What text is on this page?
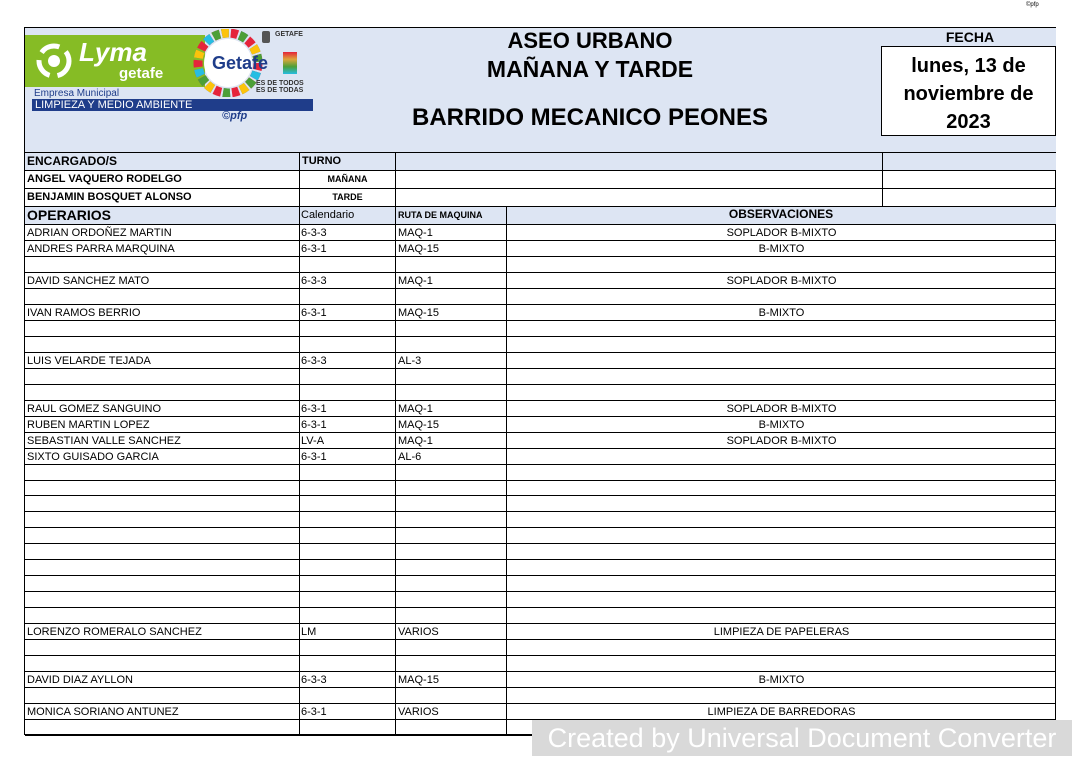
©pfp
Lyma
getafe
Empresa Municipal
LIMPIEZA Y MEDIO AMBIENTE
©pfp
Getafe
GETAFE
ES DE TODOS
ES DE TODAS
ASEO URBANO
MAÑANA Y TARDE
BARRIDO MECANICO PEONES
FECHA
lunes, 13 de
noviembre de
2023
ENCARGADO/S	TURNO
ANGEL VAQUERO RODELGO	MAÑANA
BENJAMIN BOSQUET ALONSO	TARDE
OPERARIOS	Calendario	RUTA DE MAQUINA	OBSERVACIONES
ADRIAN ORDOÑEZ MARTIN	6-3-3	MAQ-1	SOPLADOR B-MIXTO
ANDRES PARRA MARQUINA	6-3-1	MAQ-15	B-MIXTO
DAVID SANCHEZ MATO	6-3-3	MAQ-1	SOPLADOR B-MIXTO
IVAN RAMOS BERRIO	6-3-1	MAQ-15	B-MIXTO
LUIS VELARDE TEJADA	6-3-3	AL-3
RAUL GOMEZ SANGUINO	6-3-1	MAQ-1	SOPLADOR B-MIXTO
RUBEN MARTIN LOPEZ	6-3-1	MAQ-15	B-MIXTO
SEBASTIAN VALLE SANCHEZ	LV-A	MAQ-1	SOPLADOR B-MIXTO
SIXTO GUISADO GARCIA	6-3-1	AL-6
LORENZO ROMERALO SANCHEZ	LM	VARIOS	LIMPIEZA DE PAPELERAS
DAVID DIAZ AYLLON	6-3-3	MAQ-15	B-MIXTO
MONICA SORIANO ANTUNEZ	6-3-1	VARIOS	LIMPIEZA DE BARREDORAS
Created by Universal Document Converter
